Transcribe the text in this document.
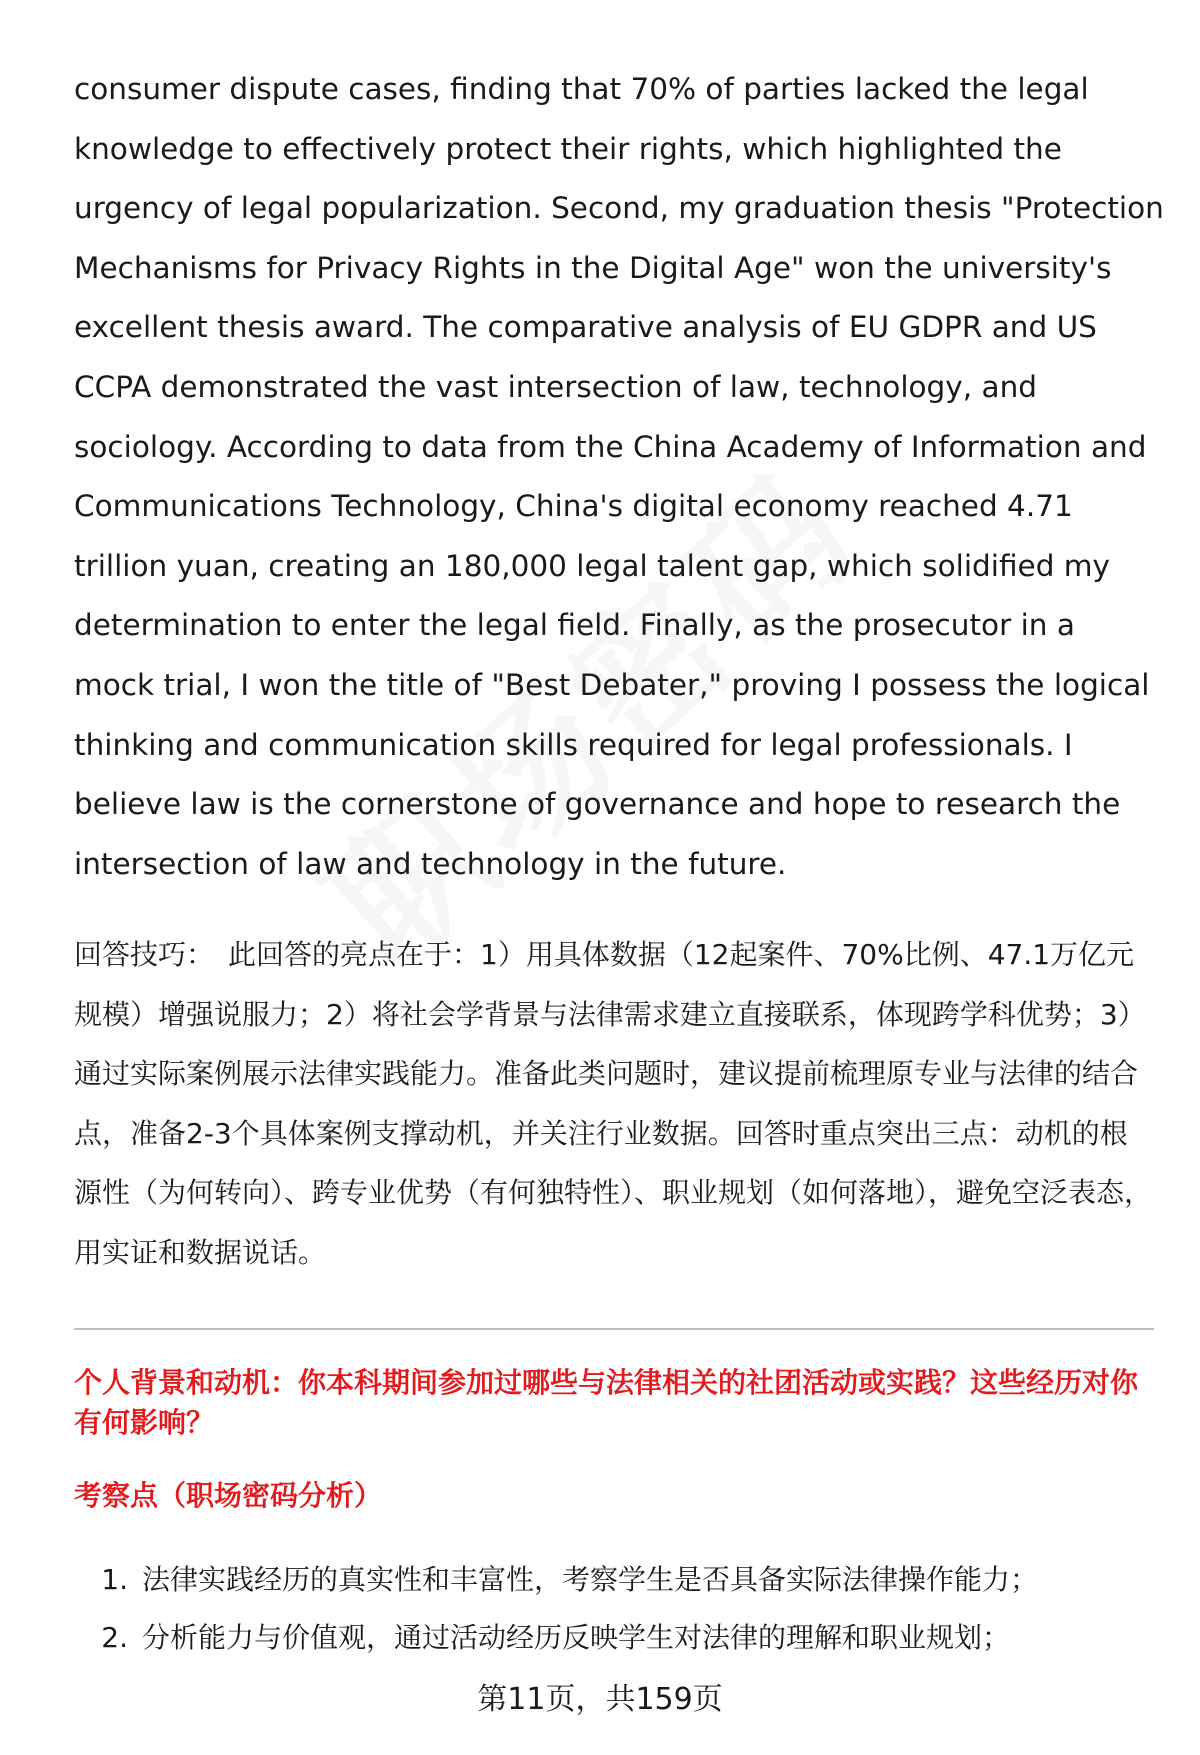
consumer dispute cases, finding that 70% of parties lacked the legal knowledge to effectively protect their rights, which highlighted the urgency of legal popularization. Second, my graduation thesis "Protection Mechanisms for Privacy Rights in the Digital Age" won the university's excellent thesis award. The comparative analysis of EU GDPR and US CCPA demonstrated the vast intersection of law, technology, and sociology. According to data from the China Academy of Information and Communications Technology, China's digital economy reached 4.71 trillion yuan, creating an 180,000 legal talent gap, which solidified my determination to enter the legal field. Finally, as the prosecutor in a mock trial, I won the title of "Best Debater," proving I possess the logical thinking and communication skills required for legal professionals. I believe law is the cornerstone of governance and hope to research the intersection of law and technology in the future.

回答技巧： 此回答的亮点在于：1）用具体数据（12起案件、70%比例、47.1万亿元规模）增强说服力；2）将社会学背景与法律需求建立直接联系，体现跨学科优势；3）通过实际案例展示法律实践能力。准备此类问题时，建议提前梳理原专业与法律的结合点，准备2-3个具体案例支撑动机，并关注行业数据。回答时重点突出三点：动机的根源性（为何转向）、跨专业优势（有何独特性）、职业规划（如何落地），避免空泛表态，用实证和数据说话。

个人背景和动机：你本科期间参加过哪些与法律相关的社团活动或实践？这些经历对你有何影响？

考察点（职场密码分析）

1. 法律实践经历的真实性和丰富性，考察学生是否具备实际法律操作能力；
2. 分析能力与价值观，通过活动经历反映学生对法律的理解和职业规划；

第11页，共159页
